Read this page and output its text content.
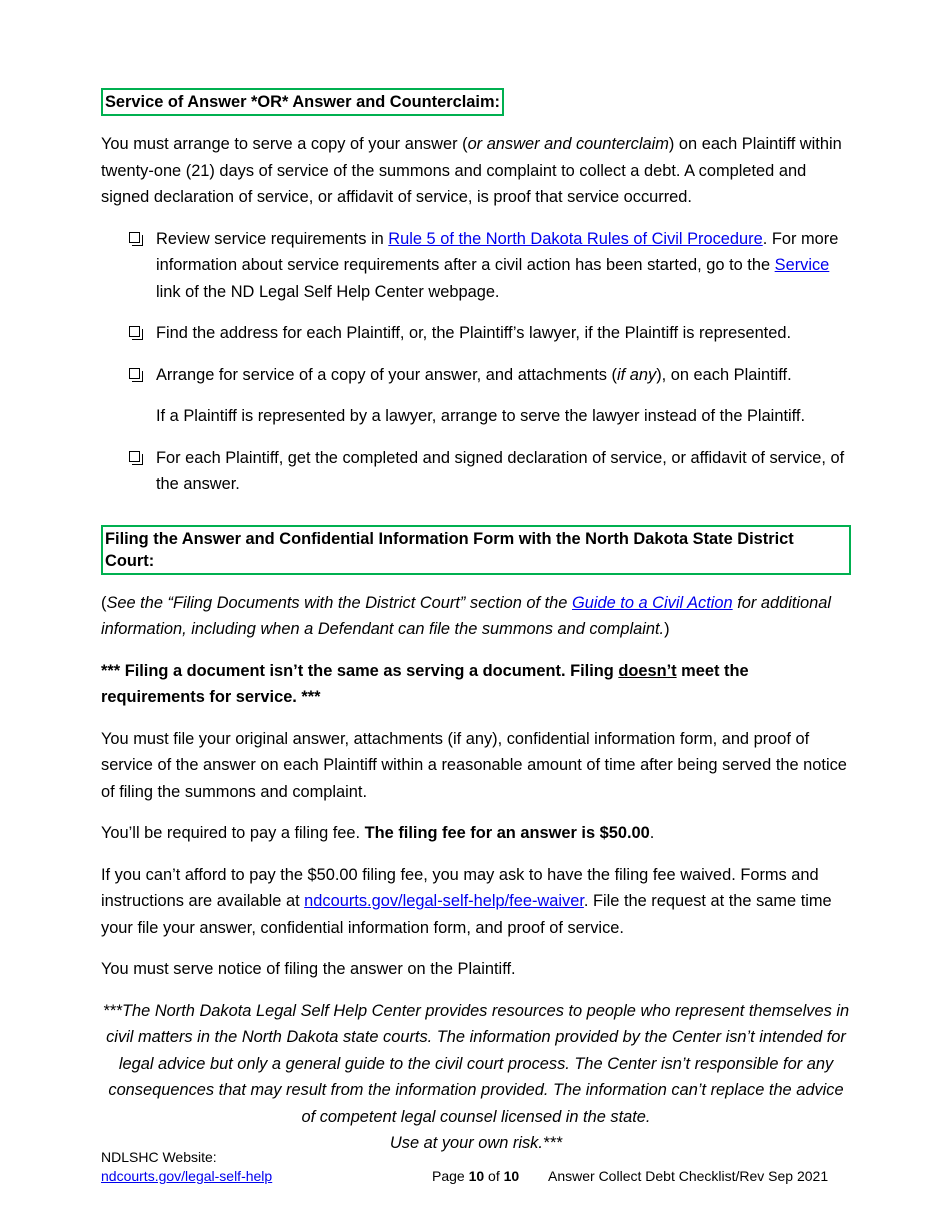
Service of Answer *OR* Answer and Counterclaim:

You must arrange to serve a copy of your answer (or answer and counterclaim) on each Plaintiff within twenty-one (21) days of service of the summons and complaint to collect a debt. A completed and signed declaration of service, or affidavit of service, is proof that service occurred.

Review service requirements in Rule 5 of the North Dakota Rules of Civil Procedure. For more information about service requirements after a civil action has been started, go to the Service link of the ND Legal Self Help Center webpage.
Find the address for each Plaintiff, or, the Plaintiff’s lawyer, if the Plaintiff is represented.
Arrange for service of a copy of your answer, and attachments (if any), on each Plaintiff.

If a Plaintiff is represented by a lawyer, arrange to serve the lawyer instead of the Plaintiff.

For each Plaintiff, get the completed and signed declaration of service, or affidavit of service, of the answer.
Filing the Answer and Confidential Information Form with the North Dakota State District Court:

(See the “Filing Documents with the District Court” section of the Guide to a Civil Action for additional information, including when a Defendant can file the summons and complaint.)

*** Filing a document isn’t the same as serving a document. Filing doesn’t meet the requirements for service. ***

You must file your original answer, attachments (if any), confidential information form, and proof of service of the answer on each Plaintiff within a reasonable amount of time after being served the notice of filing the summons and complaint.

You’ll be required to pay a filing fee. The filing fee for an answer is $50.00.

If you can’t afford to pay the $50.00 filing fee, you may ask to have the filing fee waived. Forms and instructions are available at ndcourts.gov/legal-self-help/fee-waiver. File the request at the same time your file your answer, confidential information form, and proof of service.

You must serve notice of filing the answer on the Plaintiff.

***The North Dakota Legal Self Help Center provides resources to people who represent themselves in civil matters in the North Dakota state courts. The information provided by the Center isn’t intended for legal advice but only a general guide to the civil court process. The Center isn’t responsible for any consequences that may result from the information provided. The information can’t replace the advice of competent legal counsel licensed in the state.
Use at your own risk.***

NDLSHC Website:
ndcourts.gov/legal-self-help	Page 10 of 10 Answer Collect Debt Checklist/Rev Sep 2021
